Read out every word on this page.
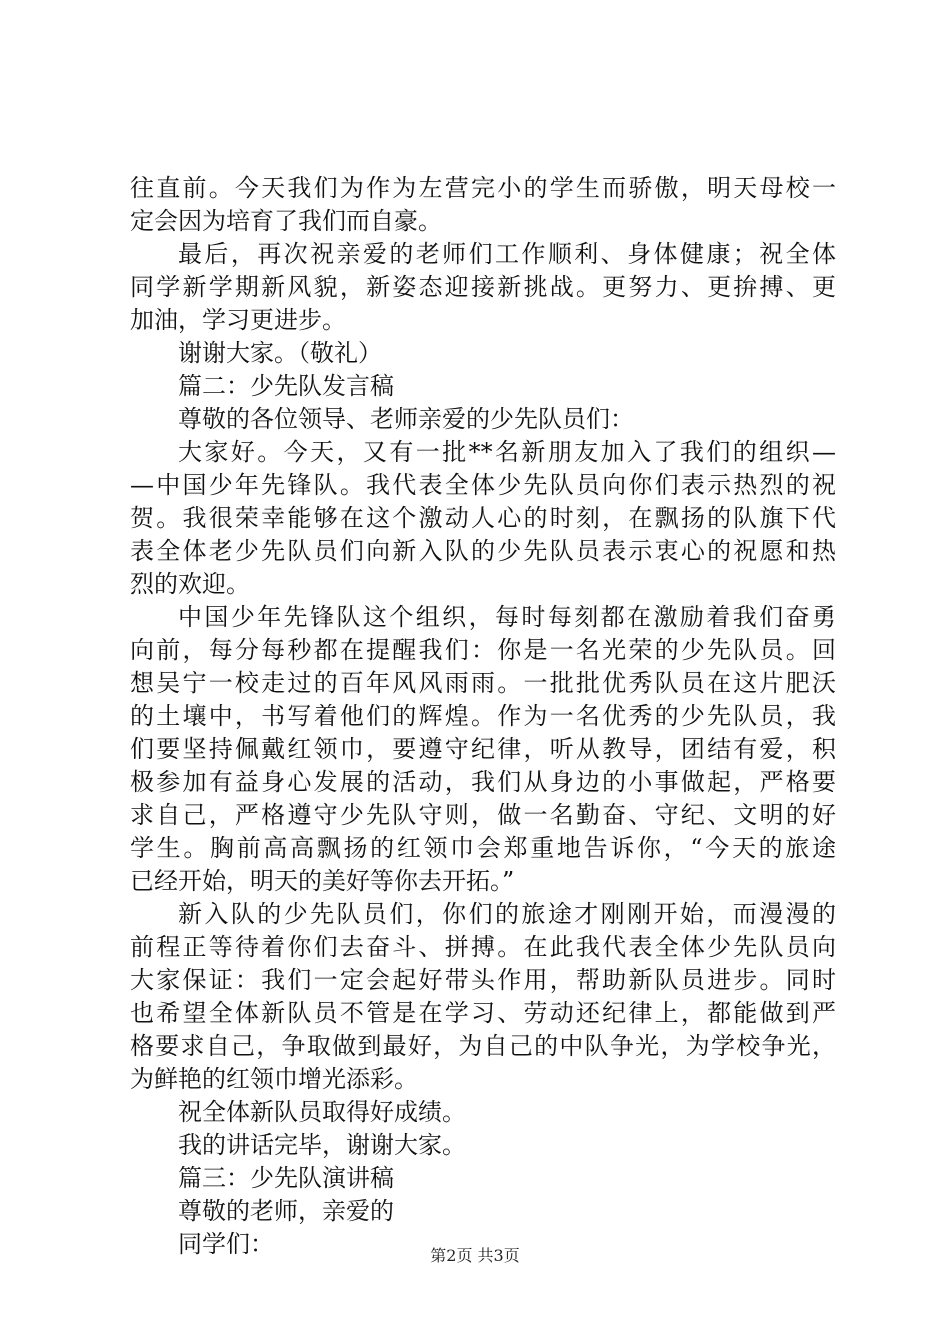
往直前。今天我们为作为左营完小的学生而骄傲，明天母校一
定会因为培育了我们而自豪。
最后，再次祝亲爱的老师们工作顺利、身体健康；祝全体
同学新学期新风貌，新姿态迎接新挑战。更努力、更拚搏、更
加油，学习更进步。
谢谢大家。（敬礼）
篇二：少先队发言稿
尊敬的各位领导、老师亲爱的少先队员们：
大家好。今天，又有一批**名新朋友加入了我们的组织—
—中国少年先锋队。我代表全体少先队员向你们表示热烈的祝
贺。我很荣幸能够在这个激动人心的时刻，在飘扬的队旗下代
表全体老少先队员们向新入队的少先队员表示衷心的祝愿和热
烈的欢迎。
中国少年先锋队这个组织，每时每刻都在激励着我们奋勇
向前，每分每秒都在提醒我们：你是一名光荣的少先队员。回
想吴宁一校走过的百年风风雨雨。一批批优秀队员在这片肥沃
的土壤中，书写着他们的辉煌。作为一名优秀的少先队员，我
们要坚持佩戴红领巾，要遵守纪律，听从教导，团结有爱，积
极参加有益身心发展的活动，我们从身边的小事做起，严格要
求自己，严格遵守少先队守则，做一名勤奋、守纪、文明的好
学生。胸前高高飘扬的红领巾会郑重地告诉你，“今天的旅途
已经开始，明天的美好等你去开拓。”
新入队的少先队员们，你们的旅途才刚刚开始，而漫漫的
前程正等待着你们去奋斗、拼搏。在此我代表全体少先队员向
大家保证：我们一定会起好带头作用，帮助新队员进步。同时
也希望全体新队员不管是在学习、劳动还纪律上，都能做到严
格要求自己，争取做到最好，为自己的中队争光，为学校争光，
为鲜艳的红领巾增光添彩。
祝全体新队员取得好成绩。
我的讲话完毕，谢谢大家。
篇三：少先队演讲稿
尊敬的老师，亲爱的
同学们：	第2页 共3页
